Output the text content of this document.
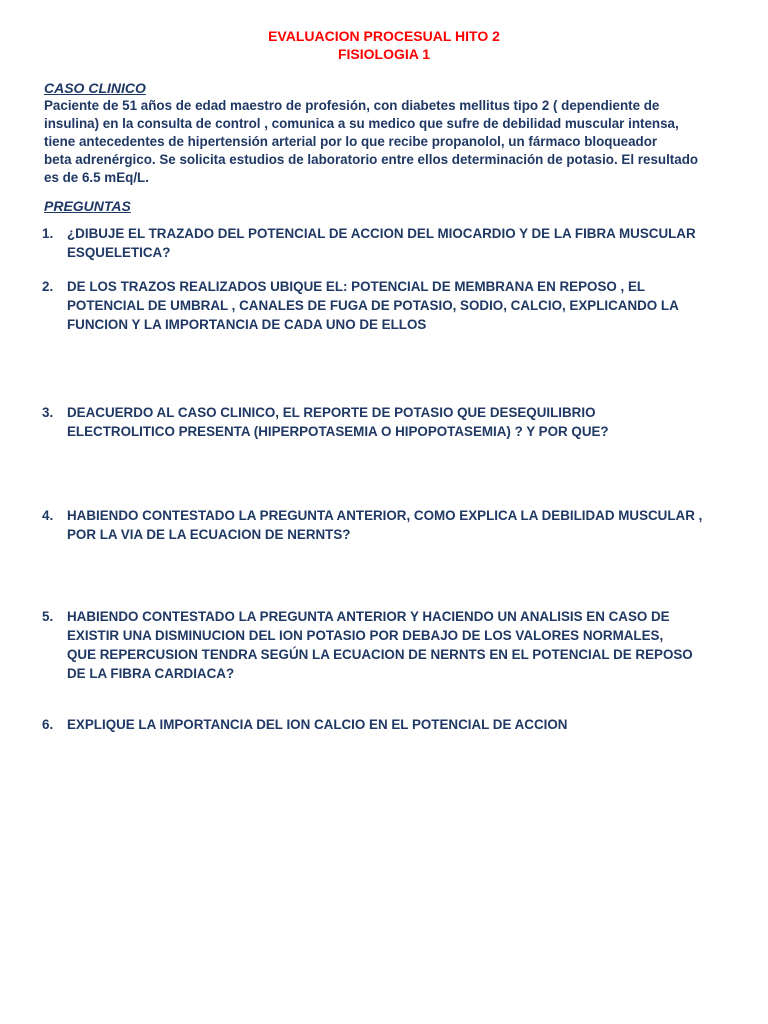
EVALUACION PROCESUAL HITO 2
FISIOLOGIA 1
CASO CLINICO
Paciente de 51 años de edad maestro de profesión, con diabetes mellitus tipo 2 ( dependiente de
insulina) en la consulta de control , comunica a su medico que sufre de debilidad muscular intensa,
tiene antecedentes de hipertensión arterial por lo que recibe propanolol, un fármaco bloqueador
beta adrenérgico. Se solicita estudios de laboratorio entre ellos determinación de potasio. El resultado
es de 6.5 mEq/L.
PREGUNTAS
1.	¿DIBUJE EL TRAZADO DEL POTENCIAL DE ACCION DEL MIOCARDIO Y DE LA FIBRA MUSCULAR
ESQUELETICA?
2.	DE LOS TRAZOS REALIZADOS UBIQUE EL: POTENCIAL DE MEMBRANA EN REPOSO , EL
POTENCIAL DE UMBRAL , CANALES DE FUGA DE POTASIO, SODIO, CALCIO, EXPLICANDO LA
FUNCION Y LA IMPORTANCIA DE CADA UNO DE ELLOS
3.	DEACUERDO AL CASO CLINICO, EL REPORTE DE POTASIO QUE DESEQUILIBRIO
ELECTROLITICO PRESENTA (HIPERPOTASEMIA O HIPOPOTASEMIA) ? Y POR QUE?
4.	HABIENDO CONTESTADO LA PREGUNTA ANTERIOR, COMO EXPLICA LA DEBILIDAD MUSCULAR ,
POR LA VIA DE LA ECUACION DE NERNTS?
5.	HABIENDO CONTESTADO LA PREGUNTA ANTERIOR Y HACIENDO UN ANALISIS EN CASO DE
EXISTIR UNA DISMINUCION DEL ION POTASIO POR DEBAJO DE LOS VALORES NORMALES,
QUE REPERCUSION TENDRA SEGÚN LA ECUACION DE NERNTS EN EL POTENCIAL DE REPOSO
DE LA FIBRA CARDIACA?
6.	EXPLIQUE LA IMPORTANCIA DEL ION CALCIO EN EL POTENCIAL DE ACCION
